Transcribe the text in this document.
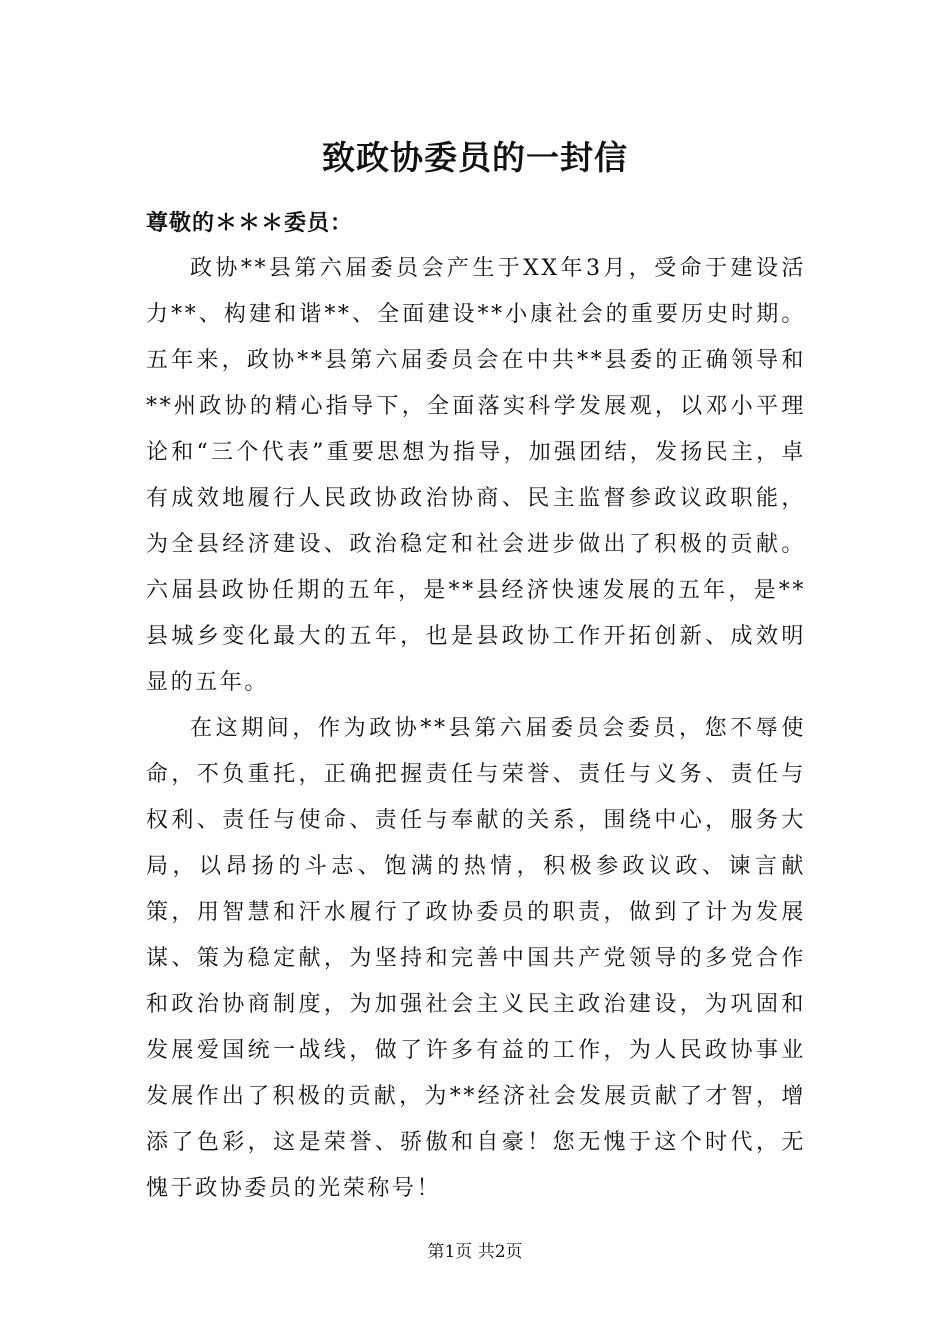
致政协委员的一封信
尊敬的＊＊＊委员：

政协**县第六届委员会产生于XX年3月，受命于建设活力**、构建和谐**、全面建设**小康社会的重要历史时期。五年来，政协**县第六届委员会在中共**县委的正确领导和**州政协的精心指导下，全面落实科学发展观，以邓小平理论和“三个代表”重要思想为指导，加强团结，发扬民主，卓有成效地履行人民政协政治协商、民主监督参政议政职能，为全县经济建设、政治稳定和社会进步做出了积极的贡献。六届县政协任期的五年，是**县经济快速发展的五年，是**县城乡变化最大的五年，也是县政协工作开拓创新、成效明显的五年。

在这期间，作为政协**县第六届委员会委员，您不辱使命，不负重托，正确把握责任与荣誉、责任与义务、责任与权利、责任与使命、责任与奉献的关系，围绕中心，服务大局，以昂扬的斗志、饱满的热情，积极参政议政、谏言献策，用智慧和汗水履行了政协委员的职责，做到了计为发展谋、策为稳定献，为坚持和完善中国共产党领导的多党合作和政治协商制度，为加强社会主义民主政治建设，为巩固和发展爱国统一战线，做了许多有益的工作，为人民政协事业发展作出了积极的贡献，为**经济社会发展贡献了才智，增添了色彩，这是荣誉、骄傲和自豪！您无愧于这个时代，无愧于政协委员的光荣称号！

第1页 共2页
